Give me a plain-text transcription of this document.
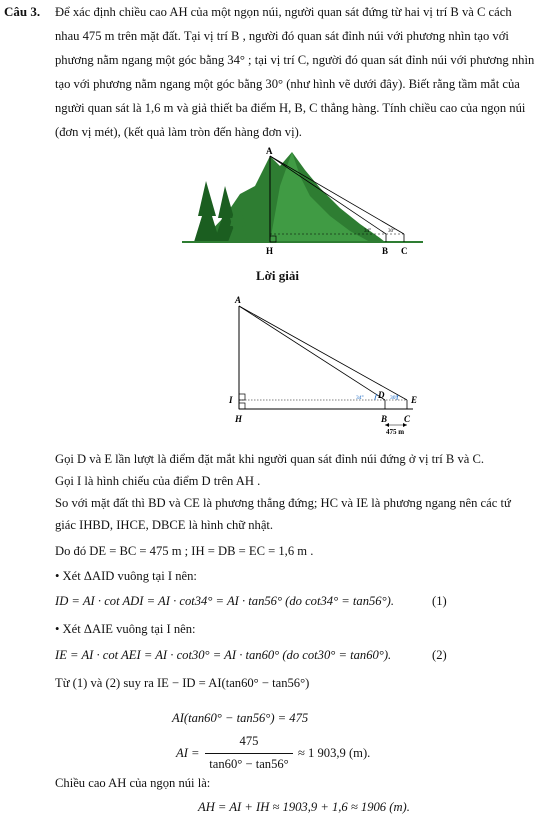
Câu 3. Để xác định chiều cao AH của một ngọn núi, người quan sát đứng từ hai vị trí B và C cách
nhau 475 m trên mặt đất. Tại vị trí B , người đó quan sát đỉnh núi với phương nhìn tạo với
phương nằm ngang một góc bằng 34° ; tại vị trí C, người đó quan sát đỉnh núi với phương nhìn
tạo với phương nằm ngang một góc bằng 30° (như hình vẽ dưới đây). Biết rằng tầm mắt của
người quan sát là 1,6 m và giả thiết ba điểm H, B, C thẳng hàng. Tính chiều cao của ngọn núi
(đơn vị mét), (kết quả làm tròn đến hàng đơn vị).
A
H	B C
34°	30°
Lời giải
A
I
H
D	E
B C
34°	30°
475 m
Gọi D và E lần lượt là điểm đặt mắt khi người quan sát đỉnh núi đứng ở vị trí B và C.
Gọi I là hình chiếu của điểm D trên AH .
So với mặt đất thì BD và CE là phương thẳng đứng; HC và IE là phương ngang nên các tứ
giác IHBD, IHCE, DBCE là hình chữ nhật.
Do đó DE = BC = 475 m ; IH = DB = EC = 1,6 m .
• Xét ΔAID vuông tại I nên:
ID = AI · cot ADI = AI · cot34° = AI · tan56° (do cot34° = tan56°).	(1)
• Xét ΔAIE vuông tại I nên:
IE = AI · cot AEI = AI · cot30° = AI · tan60° (do cot30° = tan60°).	(2)
Từ (1) và (2) suy ra IE − ID = AI(tan60° − tan56°)
AI(tan60° − tan56°) = 475
AI =
475
tan60° − tan56°
≈ 1 903,9 (m).
Chiều cao AH của ngọn núi là:
AH = AI + IH ≈ 1903,9 + 1,6 ≈ 1906 (m).
